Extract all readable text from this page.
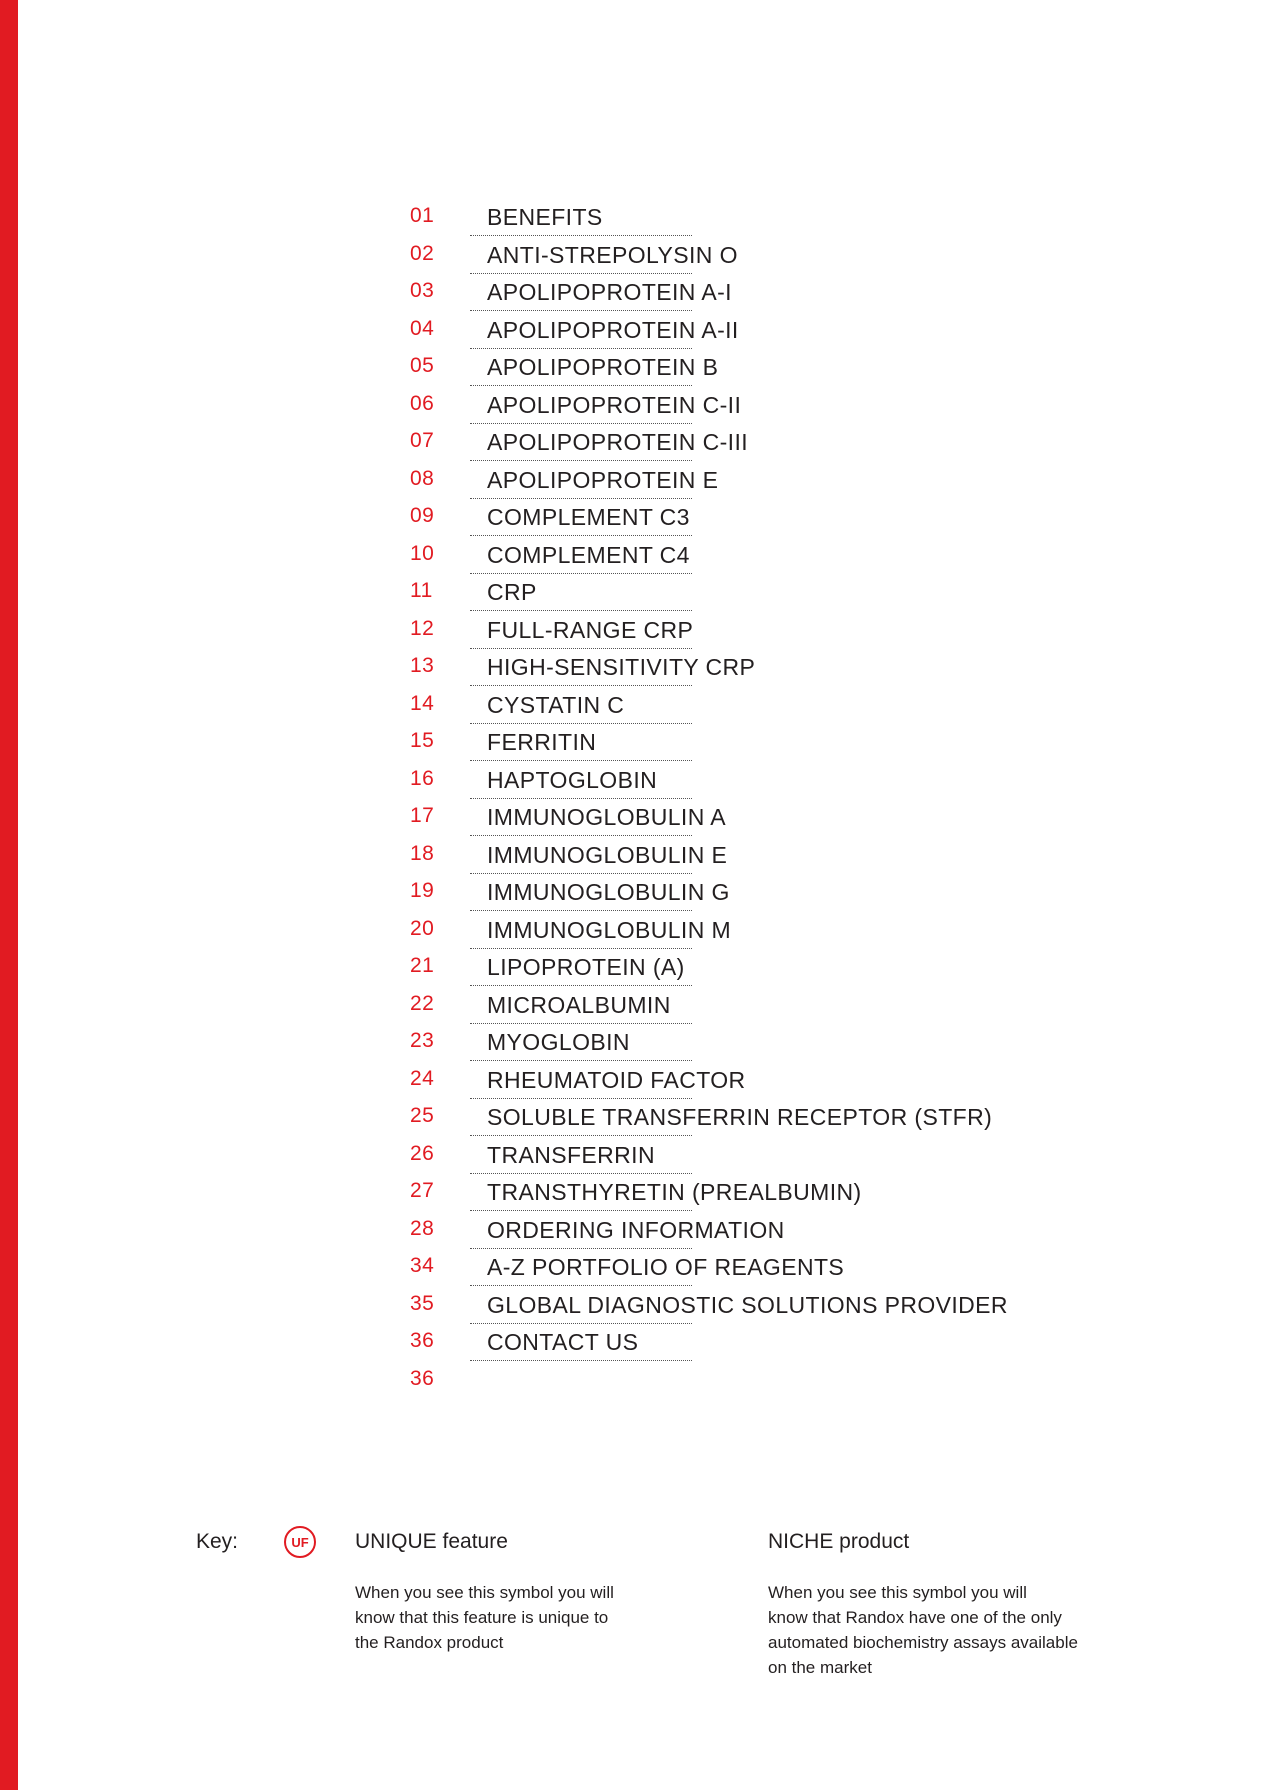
01	BENEFITS
02	ANTI-STREPOLYSIN O
03	APOLIPOPROTEIN A-I
04	APOLIPOPROTEIN A-II
05	APOLIPOPROTEIN B
06	APOLIPOPROTEIN C-II
07	APOLIPOPROTEIN C-III
08	APOLIPOPROTEIN E
09	COMPLEMENT C3
10	COMPLEMENT C4
11	CRP
12	FULL-RANGE CRP
13	HIGH-SENSITIVITY CRP
14	CYSTATIN C
15	FERRITIN
16	HAPTOGLOBIN
17	IMMUNOGLOBULIN A
18	IMMUNOGLOBULIN E
19	IMMUNOGLOBULIN G
20	IMMUNOGLOBULIN M
21	LIPOPROTEIN (A)
22	MICROALBUMIN
23	MYOGLOBIN
24	RHEUMATOID FACTOR
25	SOLUBLE TRANSFERRIN RECEPTOR (STFR)
26	TRANSFERRIN
27	TRANSTHYRETIN (PREALBUMIN)
28	ORDERING INFORMATION
34	A-Z PORTFOLIO OF REAGENTS
35	GLOBAL DIAGNOSTIC SOLUTIONS PROVIDER
36	CONTACT US
36
Key:	UF	UNIQUE feature
When you see this symbol you will
know that this feature is unique to
the Randox product
NICHE product
When you see this symbol you will
know that Randox have one of the only
automated biochemistry assays available
on the market
